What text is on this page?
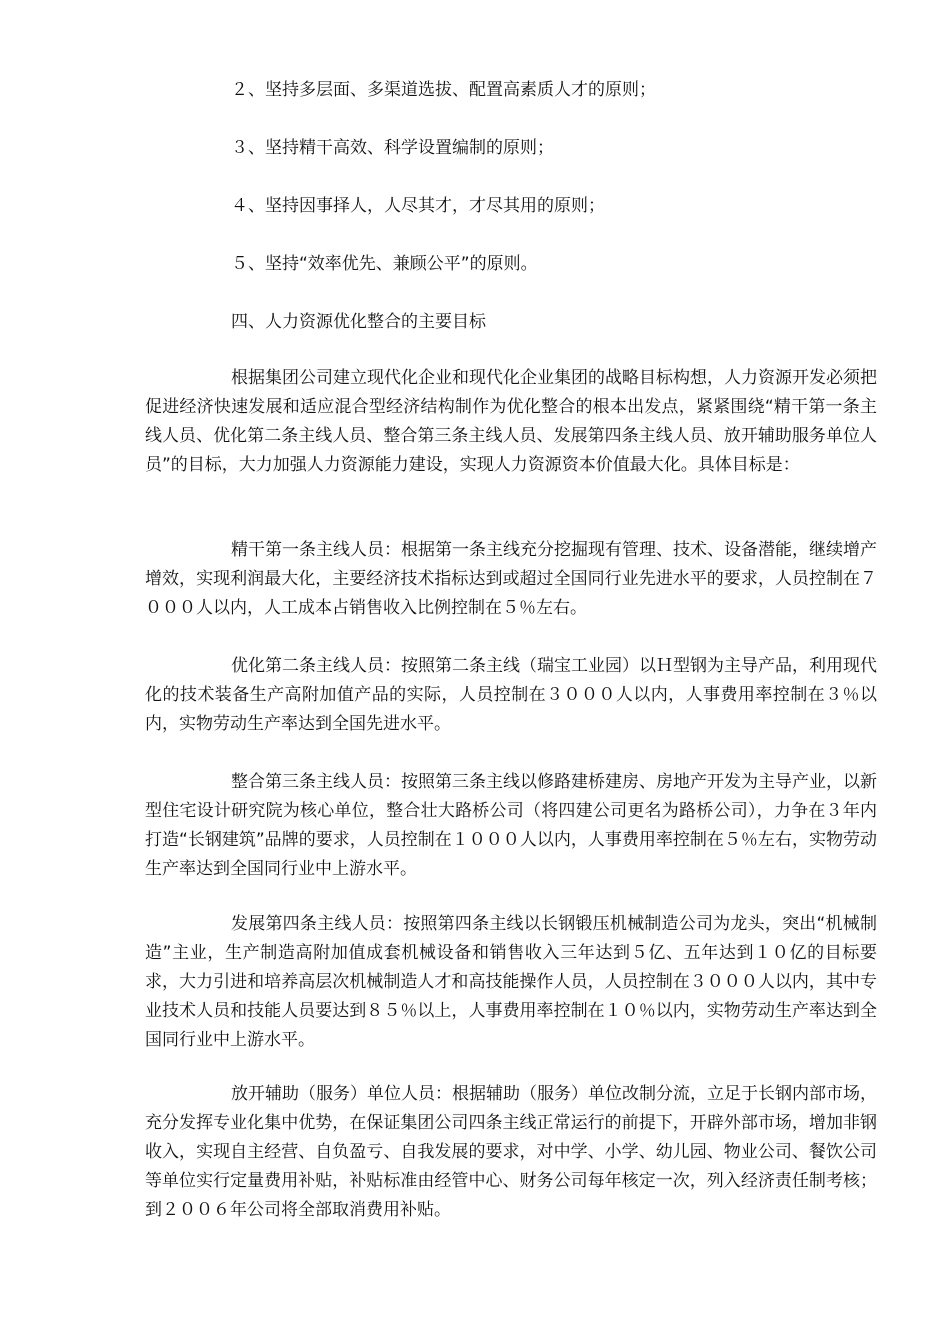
２、坚持多层面、多渠道选拔、配置高素质人才的原则；
３、坚持精干高效、科学设置编制的原则；
４、坚持因事择人，人尽其才，才尽其用的原则；
５、坚持“效率优先、兼顾公平”的原则。
四、人力资源优化整合的主要目标

根据集团公司建立现代化企业和现代化企业集团的战略目标构想，人力资源开发必须把促进经济快速发展和适应混合型经济结构制作为优化整合的根本出发点，紧紧围绕“精干第一条主线人员、优化第二条主线人员、整合第三条主线人员、发展第四条主线人员、放开辅助服务单位人员”的目标，大力加强人力资源能力建设，实现人力资源资本价值最大化。具体目标是：

精干第一条主线人员：根据第一条主线充分挖掘现有管理、技术、设备潜能，继续增产增效，实现利润最大化，主要经济技术指标达到或超过全国同行业先进水平的要求，人员控制在７０００人以内，人工成本占销售收入比例控制在５％左右。

优化第二条主线人员：按照第二条主线（瑞宝工业园）以Ｈ型钢为主导产品，利用现代化的技术装备生产高附加值产品的实际，人员控制在３０００人以内，人事费用率控制在３％以内，实物劳动生产率达到全国先进水平。

整合第三条主线人员：按照第三条主线以修路建桥建房、房地产开发为主导产业，以新型住宅设计研究院为核心单位，整合壮大路桥公司（将四建公司更名为路桥公司），力争在３年内打造“长钢建筑”品牌的要求，人员控制在１０００人以内，人事费用率控制在５％左右，实物劳动生产率达到全国同行业中上游水平。

发展第四条主线人员：按照第四条主线以长钢锻压机械制造公司为龙头，突出“机械制造”主业，生产制造高附加值成套机械设备和销售收入三年达到５亿、五年达到１０亿的目标要求，大力引进和培养高层次机械制造人才和高技能操作人员，人员控制在３０００人以内，其中专业技术人员和技能人员要达到８５％以上，人事费用率控制在１０％以内，实物劳动生产率达到全国同行业中上游水平。

放开辅助（服务）单位人员：根据辅助（服务）单位改制分流，立足于长钢内部市场，充分发挥专业化集中优势，在保证集团公司四条主线正常运行的前提下，开辟外部市场，增加非钢收入，实现自主经营、自负盈亏、自我发展的要求，对中学、小学、幼儿园、物业公司、餐饮公司等单位实行定量费用补贴，补贴标准由经管中心、财务公司每年核定一次，列入经济责任制考核；到２００６年公司将全部取消费用补贴。
